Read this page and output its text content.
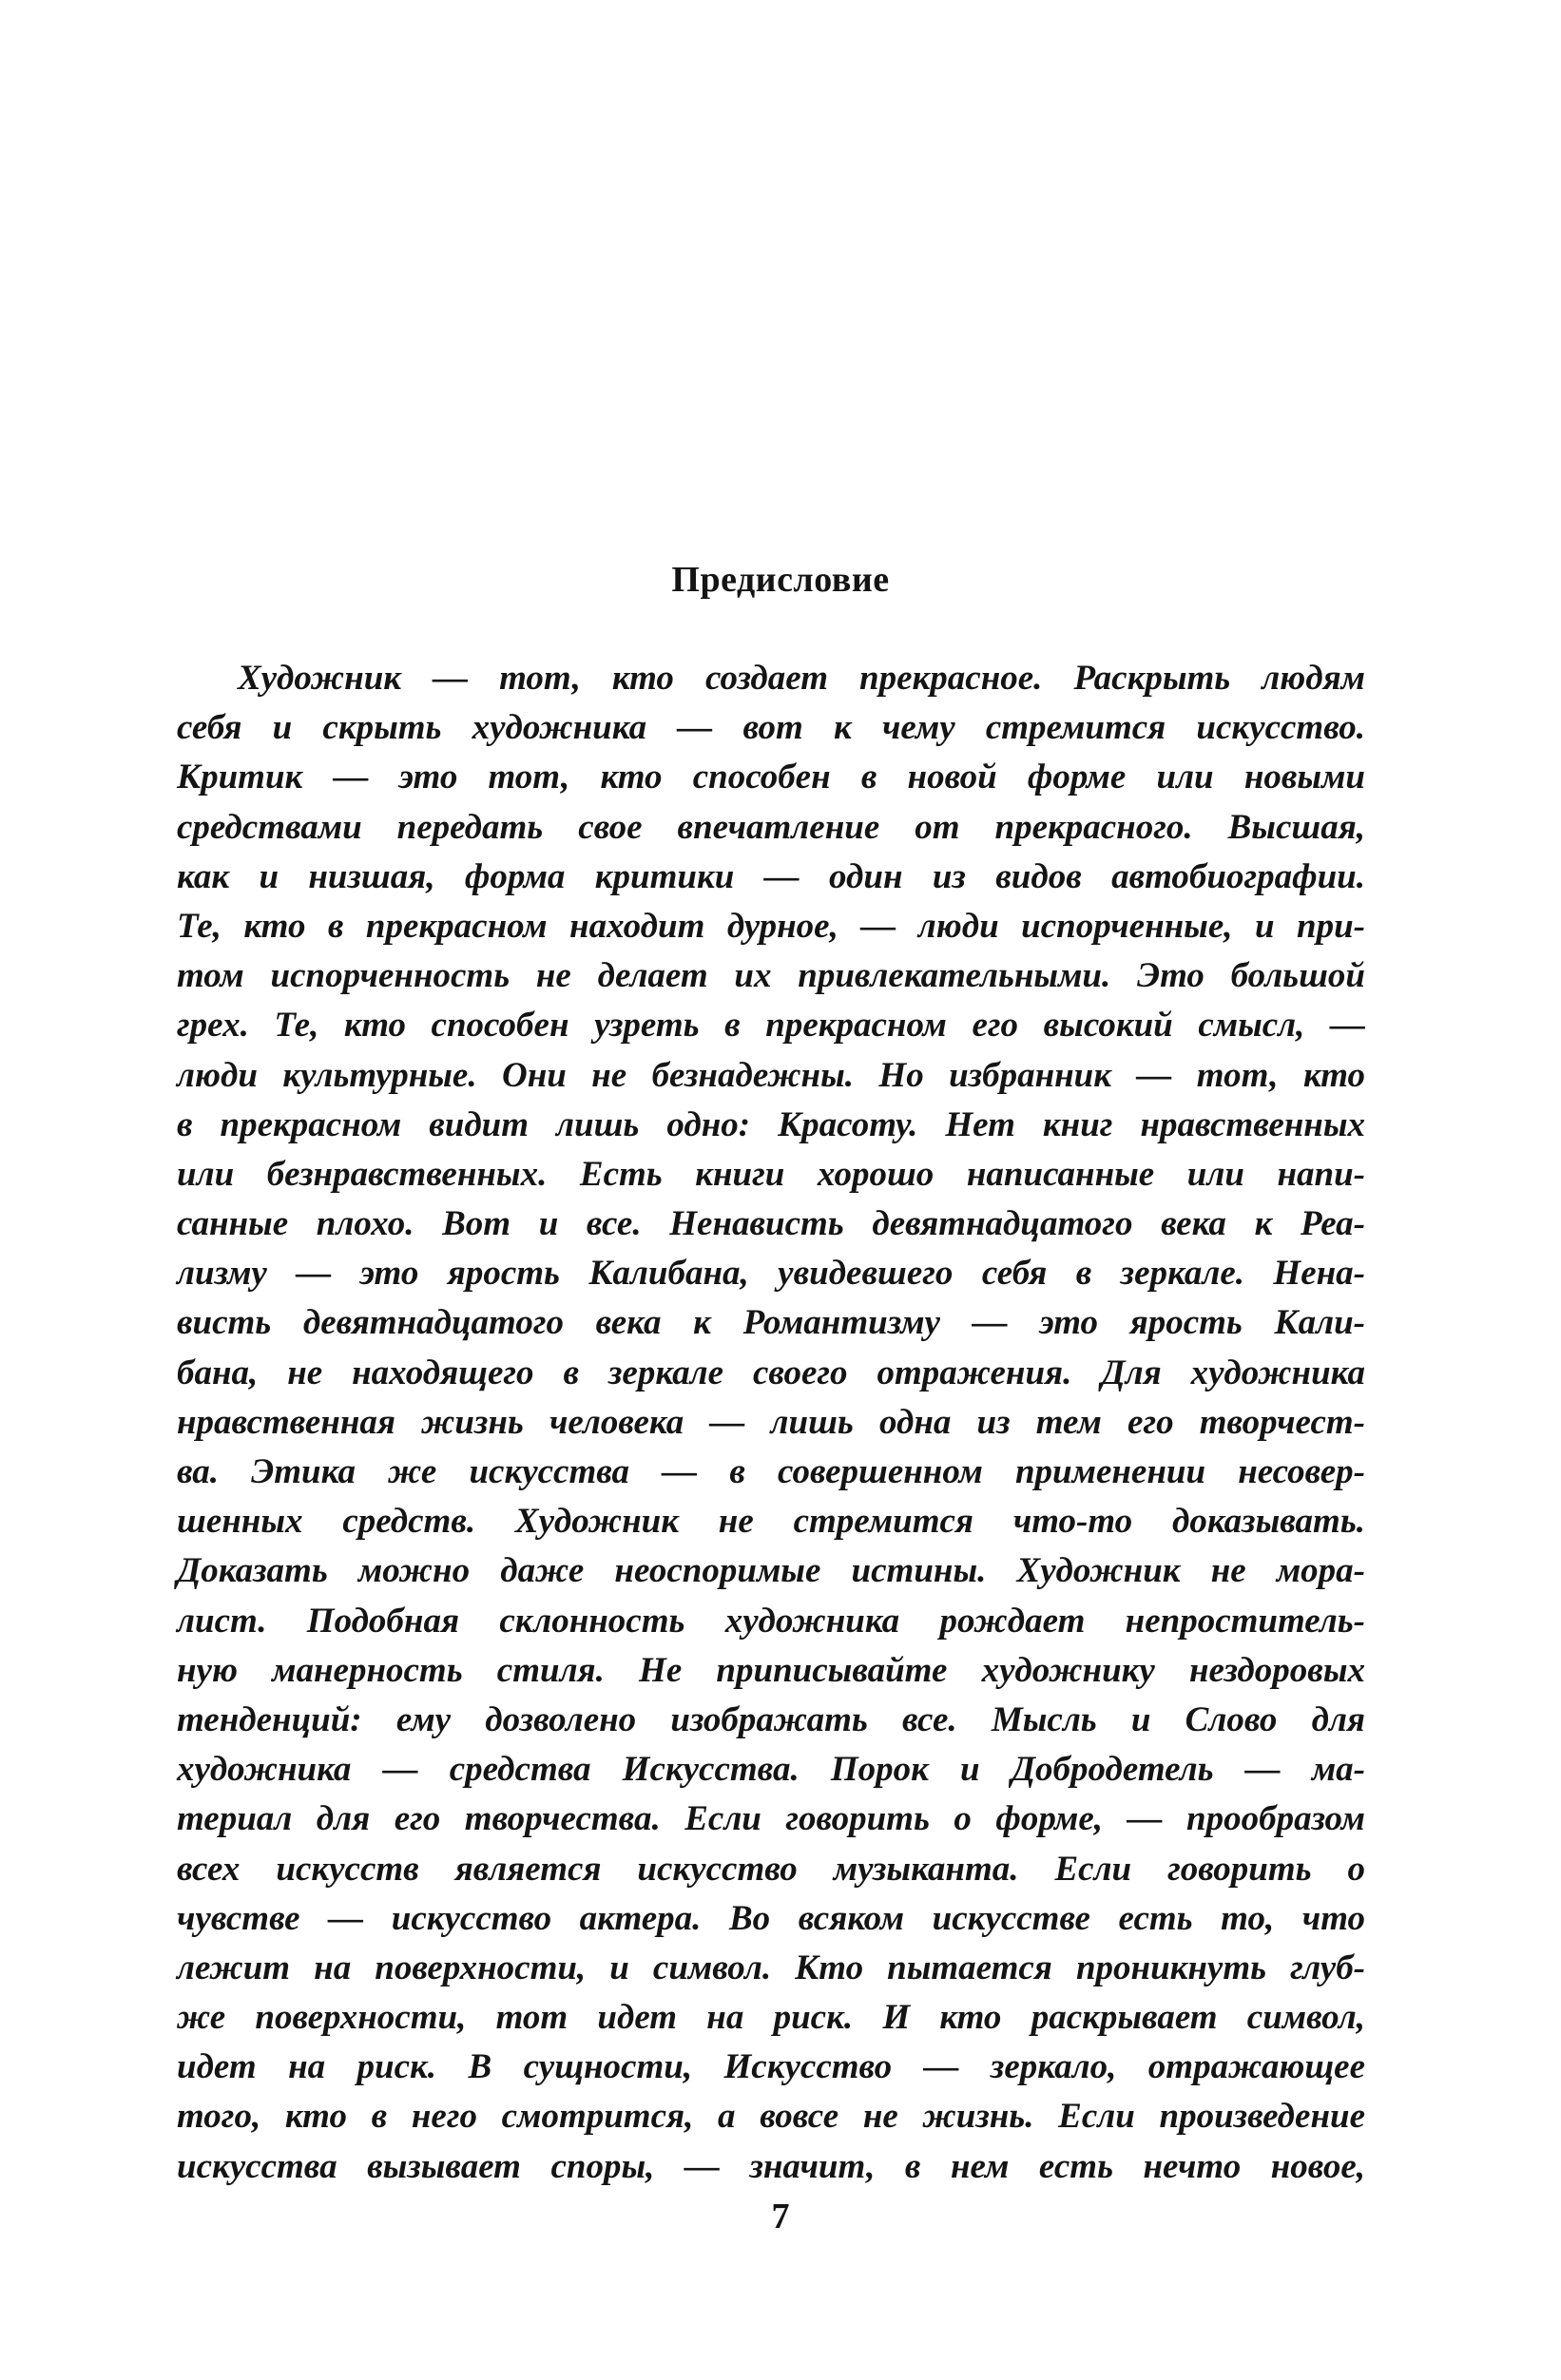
Предисловие
Художник — тот, кто создает прекрасное. Раскрыть людям
себя и скрыть художника — вот к чему стремится искусство.
Критик — это тот, кто способен в новой форме или новыми
средствами передать свое впечатление от прекрасного. Высшая,
как и низшая, форма критики — один из видов автобиографии.
Те, кто в прекрасном находит дурное, — люди испорченные, и при-
том испорченность не делает их привлекательными. Это большой
грех. Те, кто способен узреть в прекрасном его высокий смысл, —
люди культурные. Они не безнадежны. Но избранник — тот, кто
в прекрасном видит лишь одно: Красоту. Нет книг нравственных
или безнравственных. Есть книги хорошо написанные или напи-
санные плохо. Вот и все. Ненависть девятнадцатого века к Реа-
лизму — это ярость Калибана, увидевшего себя в зеркале. Нена-
висть девятнадцатого века к Романтизму — это ярость Кали-
бана, не находящего в зеркале своего отражения. Для художника
нравственная жизнь человека — лишь одна из тем его творчест-
ва. Этика же искусства — в совершенном применении несовер-
шенных средств. Художник не стремится что-то доказывать.
Доказать можно даже неоспоримые истины. Художник не морa-
лист. Подобная склонность художника рождает непроститель-
ную манерность стиля. Не приписывайте художнику нездоровых
тенденций: ему дозволено изображать все. Мысль и Слово для
художника — средства Искусства. Порок и Добродетель — ма-
териал для его творчества. Если говорить о форме, — прообразом
всех искусств является искусство музыканта. Если говорить о
чувстве — искусство актера. Во всяком искусстве есть то, что
лежит на поверхности, и символ. Кто пытается проникнуть глуб-
же поверхности, тот идет на риск. И кто раскрывает символ,
идет на риск. В сущности, Искусство — зеркало, отражающее
того, кто в него смотрится, а вовсе не жизнь. Если произведение
искусства вызывает споры, — значит, в нем есть нечто новое,
7
